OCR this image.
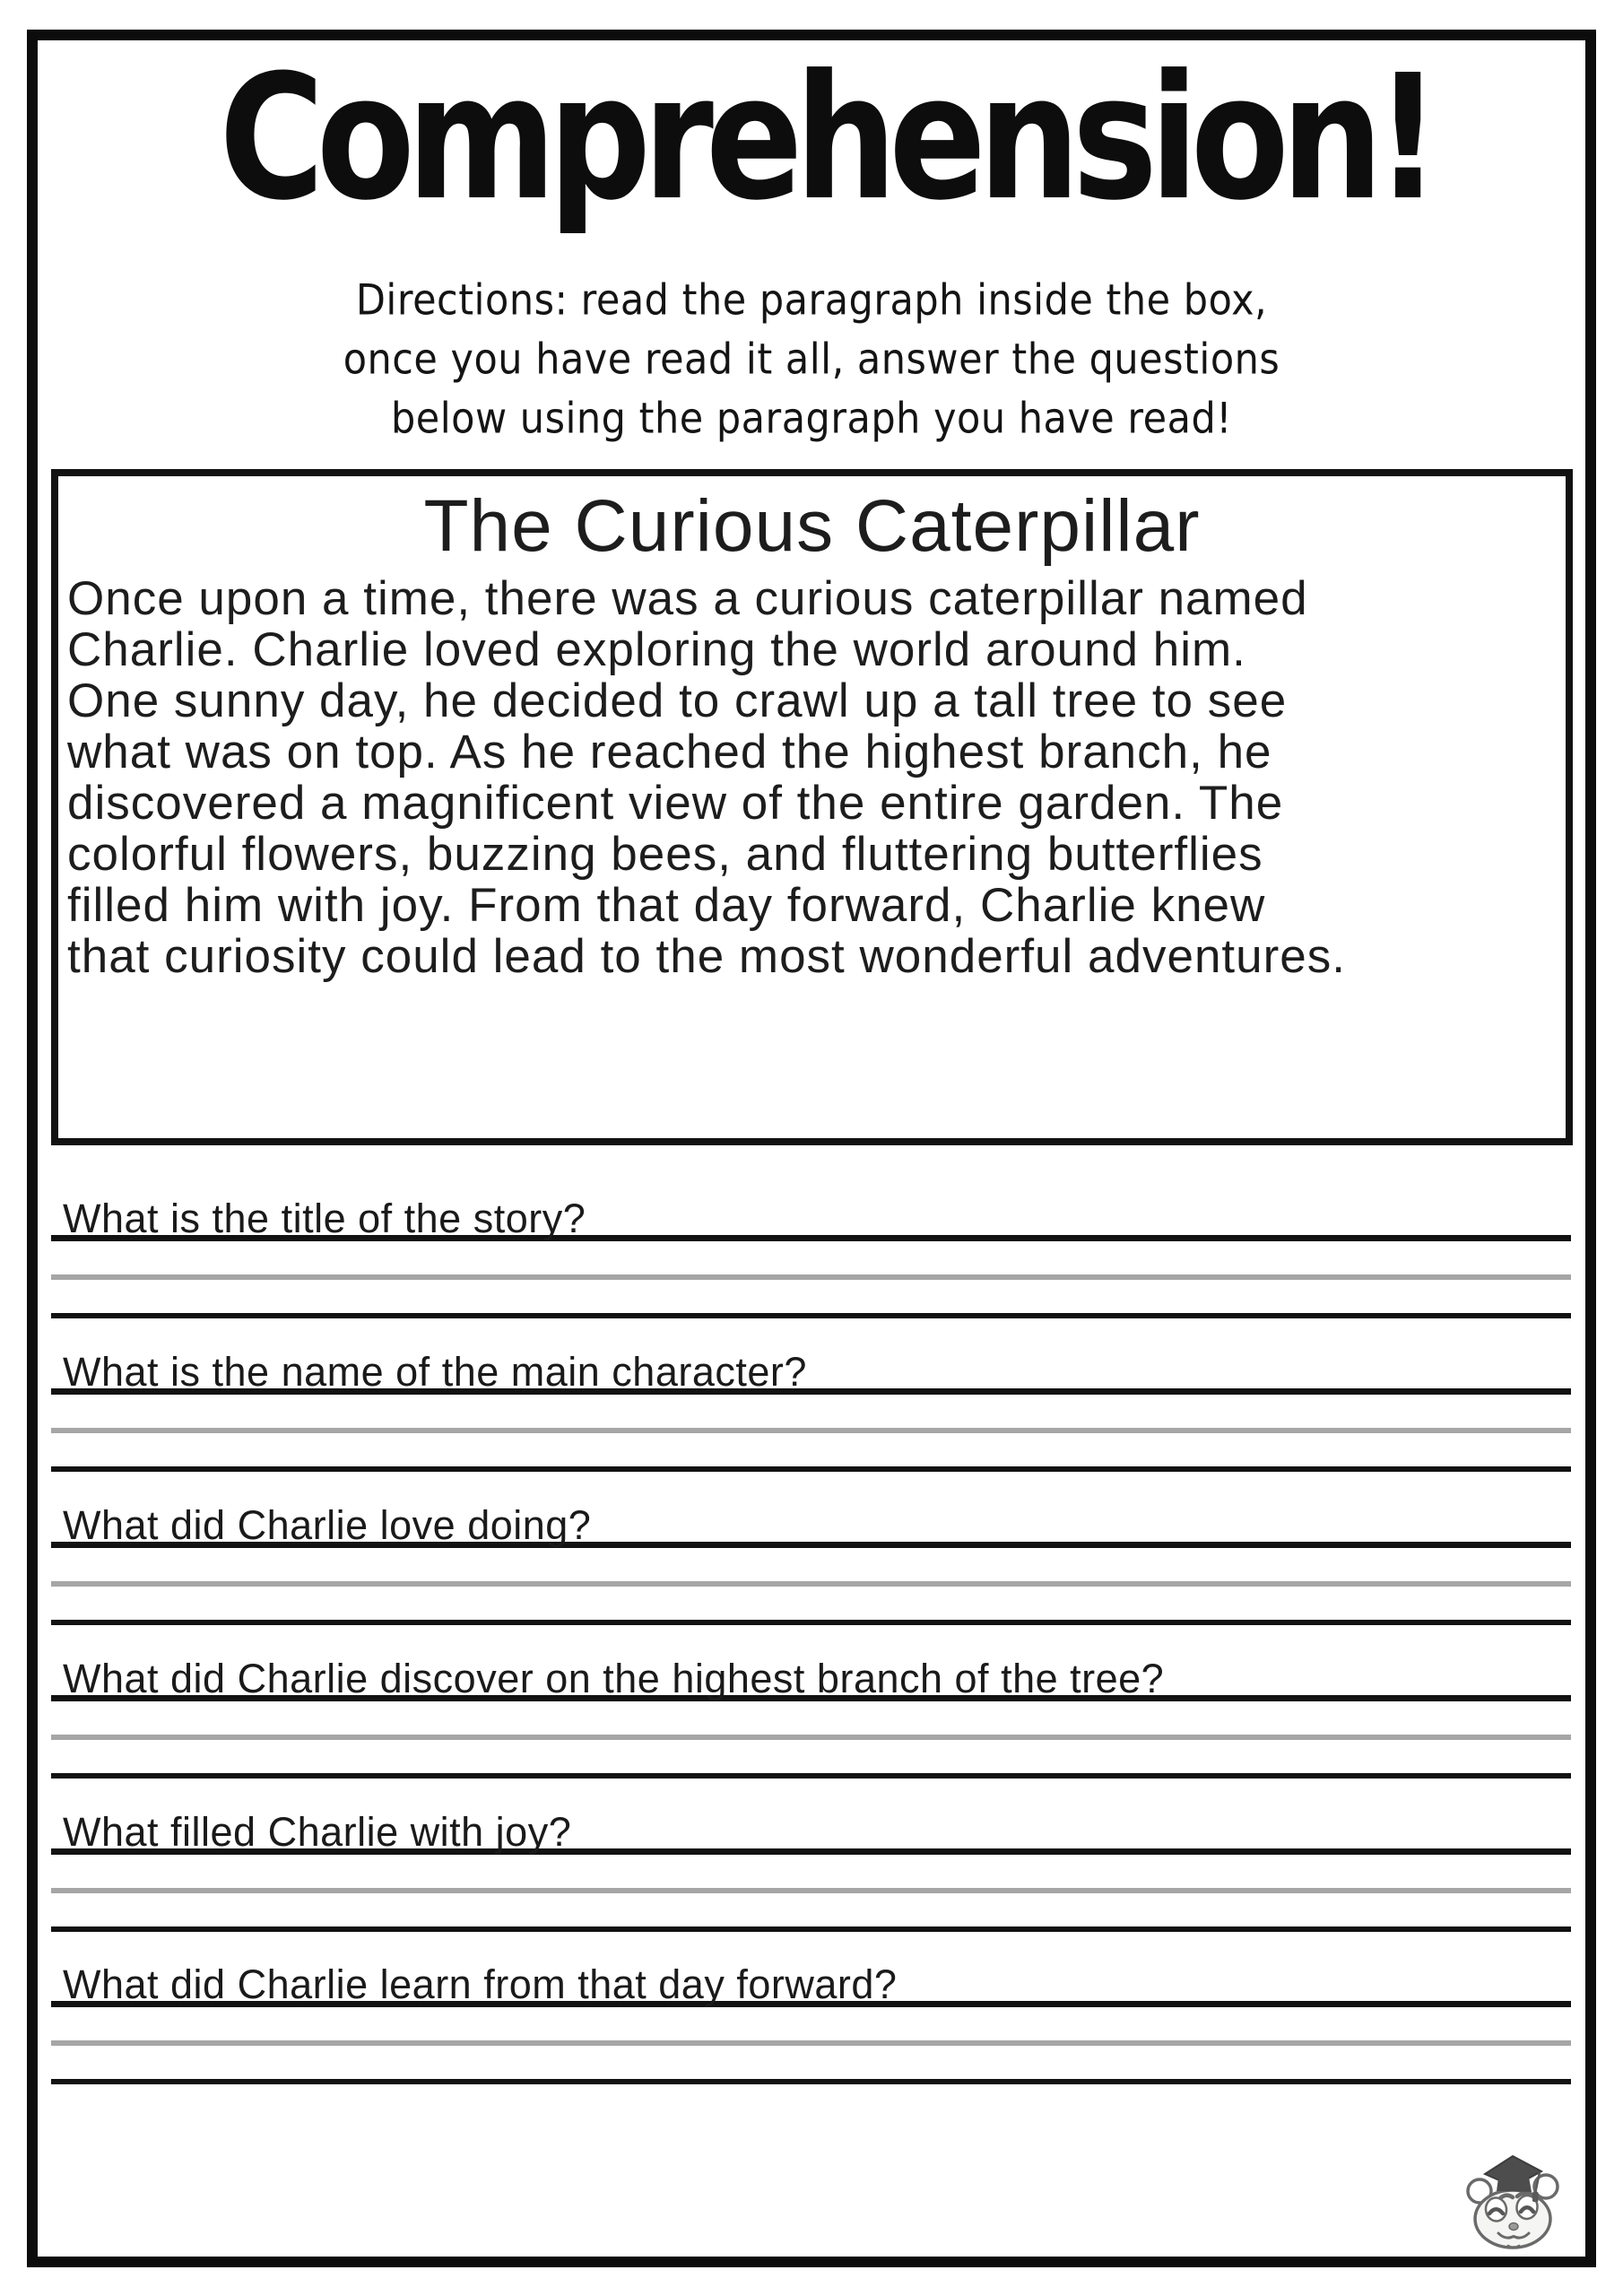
Comprehension!
Directions: read the paragraph inside the box,
once you have read it all, answer the questions
below using the paragraph you have read!
The Curious Caterpillar
Once upon a time, there was a curious caterpillar named
Charlie. Charlie loved exploring the world around him.
One sunny day, he decided to crawl up a tall tree to see
what was on top. As he reached the highest branch, he
discovered a magnificent view of the entire garden. The
colorful flowers, buzzing bees, and fluttering butterflies
filled him with joy. From that day forward, Charlie knew
that curiosity could lead to the most wonderful adventures.
What is the title of the story?
What is the name of the main character?
What did Charlie love doing?
What did Charlie discover on the highest branch of the tree?
What filled Charlie with joy?
What did Charlie learn from that day forward?
